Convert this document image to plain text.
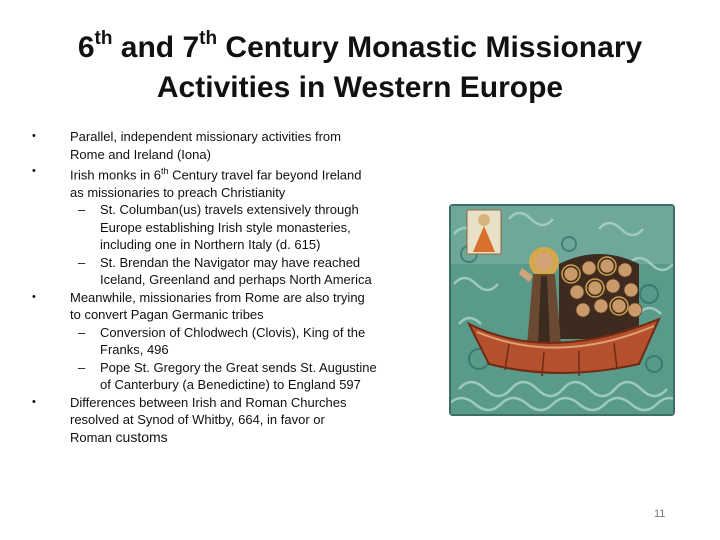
6th and 7th Century Monastic Missionary
Activities in Western Europe
•	Parallel, independent missionary activities from
Rome and Ireland (Iona)
•	Irish monks in 6th Century travel far beyond Ireland
as missionaries to preach Christianity
– St. Columban(us) travels extensively through
Europe establishing Irish style monasteries,
including one in Northern Italy (d. 615)
– St. Brendan the Navigator may have reached
Iceland, Greenland and perhaps North America
•	Meanwhile, missionaries from Rome are also trying
to convert Pagan Germanic tribes
– Conversion of Chlodwech (Clovis), King of the
Franks, 496
– Pope St. Gregory the Great sends St. Augustine
of Canterbury (a Benedictine) to England 597
•	Differences between Irish and Roman Churches
resolved at Synod of Whitby, 664, in favor or
Roman customs
11
